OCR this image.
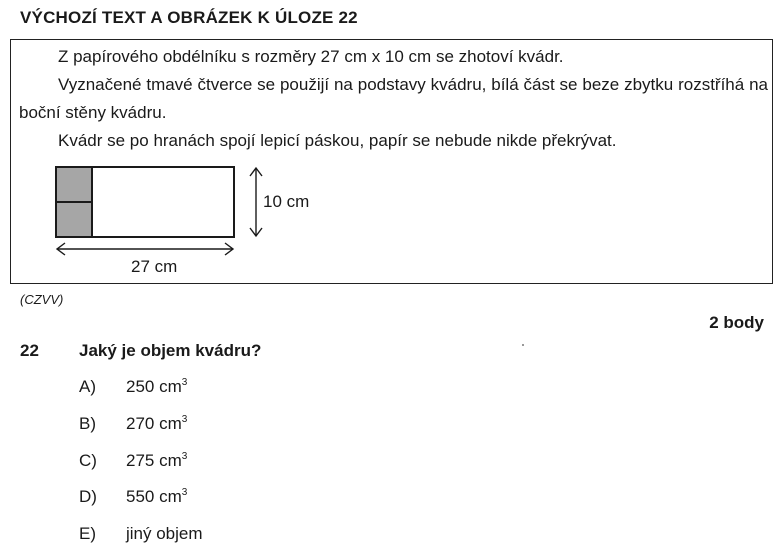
VÝCHOZÍ TEXT A OBRÁZEK K ÚLOZE 22

Z papírového obdélníku s rozměry 27 cm x 10 cm se zhotoví kvádr.

Vyznačené tmavé čtverce se použijí na podstavy kvádru, bílá část se beze zbytku rozstříhá na boční stěny kvádru.

Kvádr se po hranách spojí lepicí páskou, papír se nebude nikde překrývat.

27 cm
10 cm
(CZVV)
2 body
22 Jaký je objem kvádru?
A) 250 $cm^3$
B) 270 $cm^3$
C) 275 $cm^3$
D) 550 $cm^3$
E) jiný objem
